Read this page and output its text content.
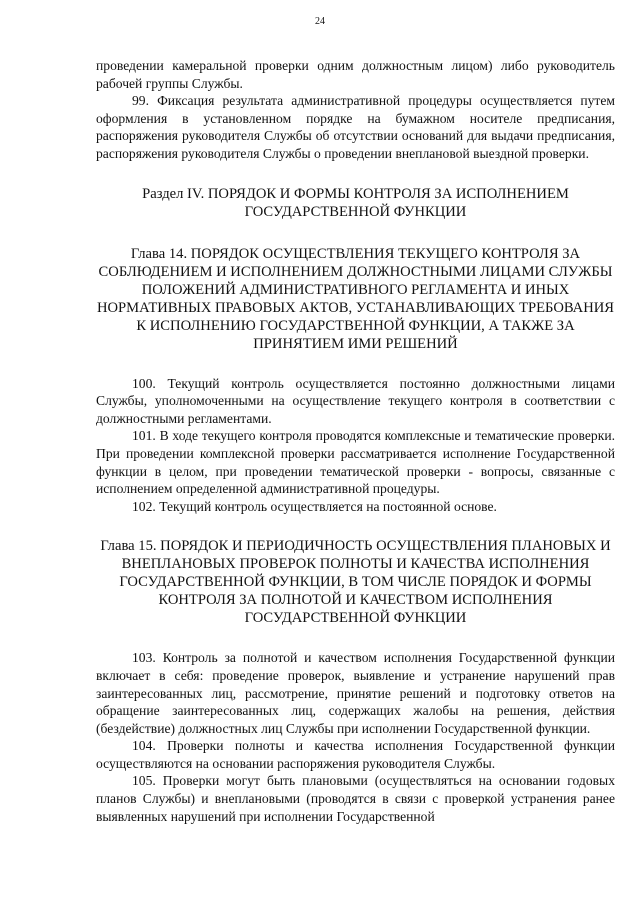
24

проведении камеральной проверки одним должностным лицом) либо руководитель рабочей группы Службы.

99. Фиксация результата административной процедуры осуществляется путем оформления в установленном порядке на бумажном носителе предписания, распоряжения руководителя Службы об отсутствии оснований для выдачи предписания, распоряжения руководителя Службы о проведении внеплановой выездной проверки.

Раздел IV. ПОРЯДОК И ФОРМЫ КОНТРОЛЯ ЗА ИСПОЛНЕНИЕМ ГОСУДАРСТВЕННОЙ ФУНКЦИИ

Глава 14. ПОРЯДОК ОСУЩЕСТВЛЕНИЯ ТЕКУЩЕГО КОНТРОЛЯ ЗА СОБЛЮДЕНИЕМ И ИСПОЛНЕНИЕМ ДОЛЖНОСТНЫМИ ЛИЦАМИ СЛУЖБЫ ПОЛОЖЕНИЙ АДМИНИСТРАТИВНОГО РЕГЛАМЕНТА И ИНЫХ НОРМАТИВНЫХ ПРАВОВЫХ АКТОВ, УСТАНАВЛИВАЮЩИХ ТРЕБОВАНИЯ К ИСПОЛНЕНИЮ ГОСУДАРСТВЕННОЙ ФУНКЦИИ, А ТАКЖЕ ЗА ПРИНЯТИЕМ ИМИ РЕШЕНИЙ

100. Текущий контроль осуществляется постоянно должностными лицами Службы, уполномоченными на осуществление текущего контроля в соответствии с должностными регламентами.

101. В ходе текущего контроля проводятся комплексные и тематические проверки. При проведении комплексной проверки рассматривается исполнение Государственной функции в целом, при проведении тематической проверки - вопросы, связанные с исполнением определенной административной процедуры.

102. Текущий контроль осуществляется на постоянной основе.

Глава 15. ПОРЯДОК И ПЕРИОДИЧНОСТЬ ОСУЩЕСТВЛЕНИЯ ПЛАНОВЫХ И ВНЕПЛАНОВЫХ ПРОВЕРОК ПОЛНОТЫ И КАЧЕСТВА ИСПОЛНЕНИЯ ГОСУДАРСТВЕННОЙ ФУНКЦИИ, В ТОМ ЧИСЛЕ ПОРЯДОК И ФОРМЫ КОНТРОЛЯ ЗА ПОЛНОТОЙ И КАЧЕСТВОМ ИСПОЛНЕНИЯ ГОСУДАРСТВЕННОЙ ФУНКЦИИ

103. Контроль за полнотой и качеством исполнения Государственной функции включает в себя: проведение проверок, выявление и устранение нарушений прав заинтересованных лиц, рассмотрение, принятие решений и подготовку ответов на обращение заинтересованных лиц, содержащих жалобы на решения, действия (бездействие) должностных лиц Службы при исполнении Государственной функции.

104. Проверки полноты и качества исполнения Государственной функции осуществляются на основании распоряжения руководителя Службы.

105. Проверки могут быть плановыми (осуществляться на основании годовых планов Службы) и внеплановыми (проводятся в связи с проверкой устранения ранее выявленных нарушений при исполнении Государственной
